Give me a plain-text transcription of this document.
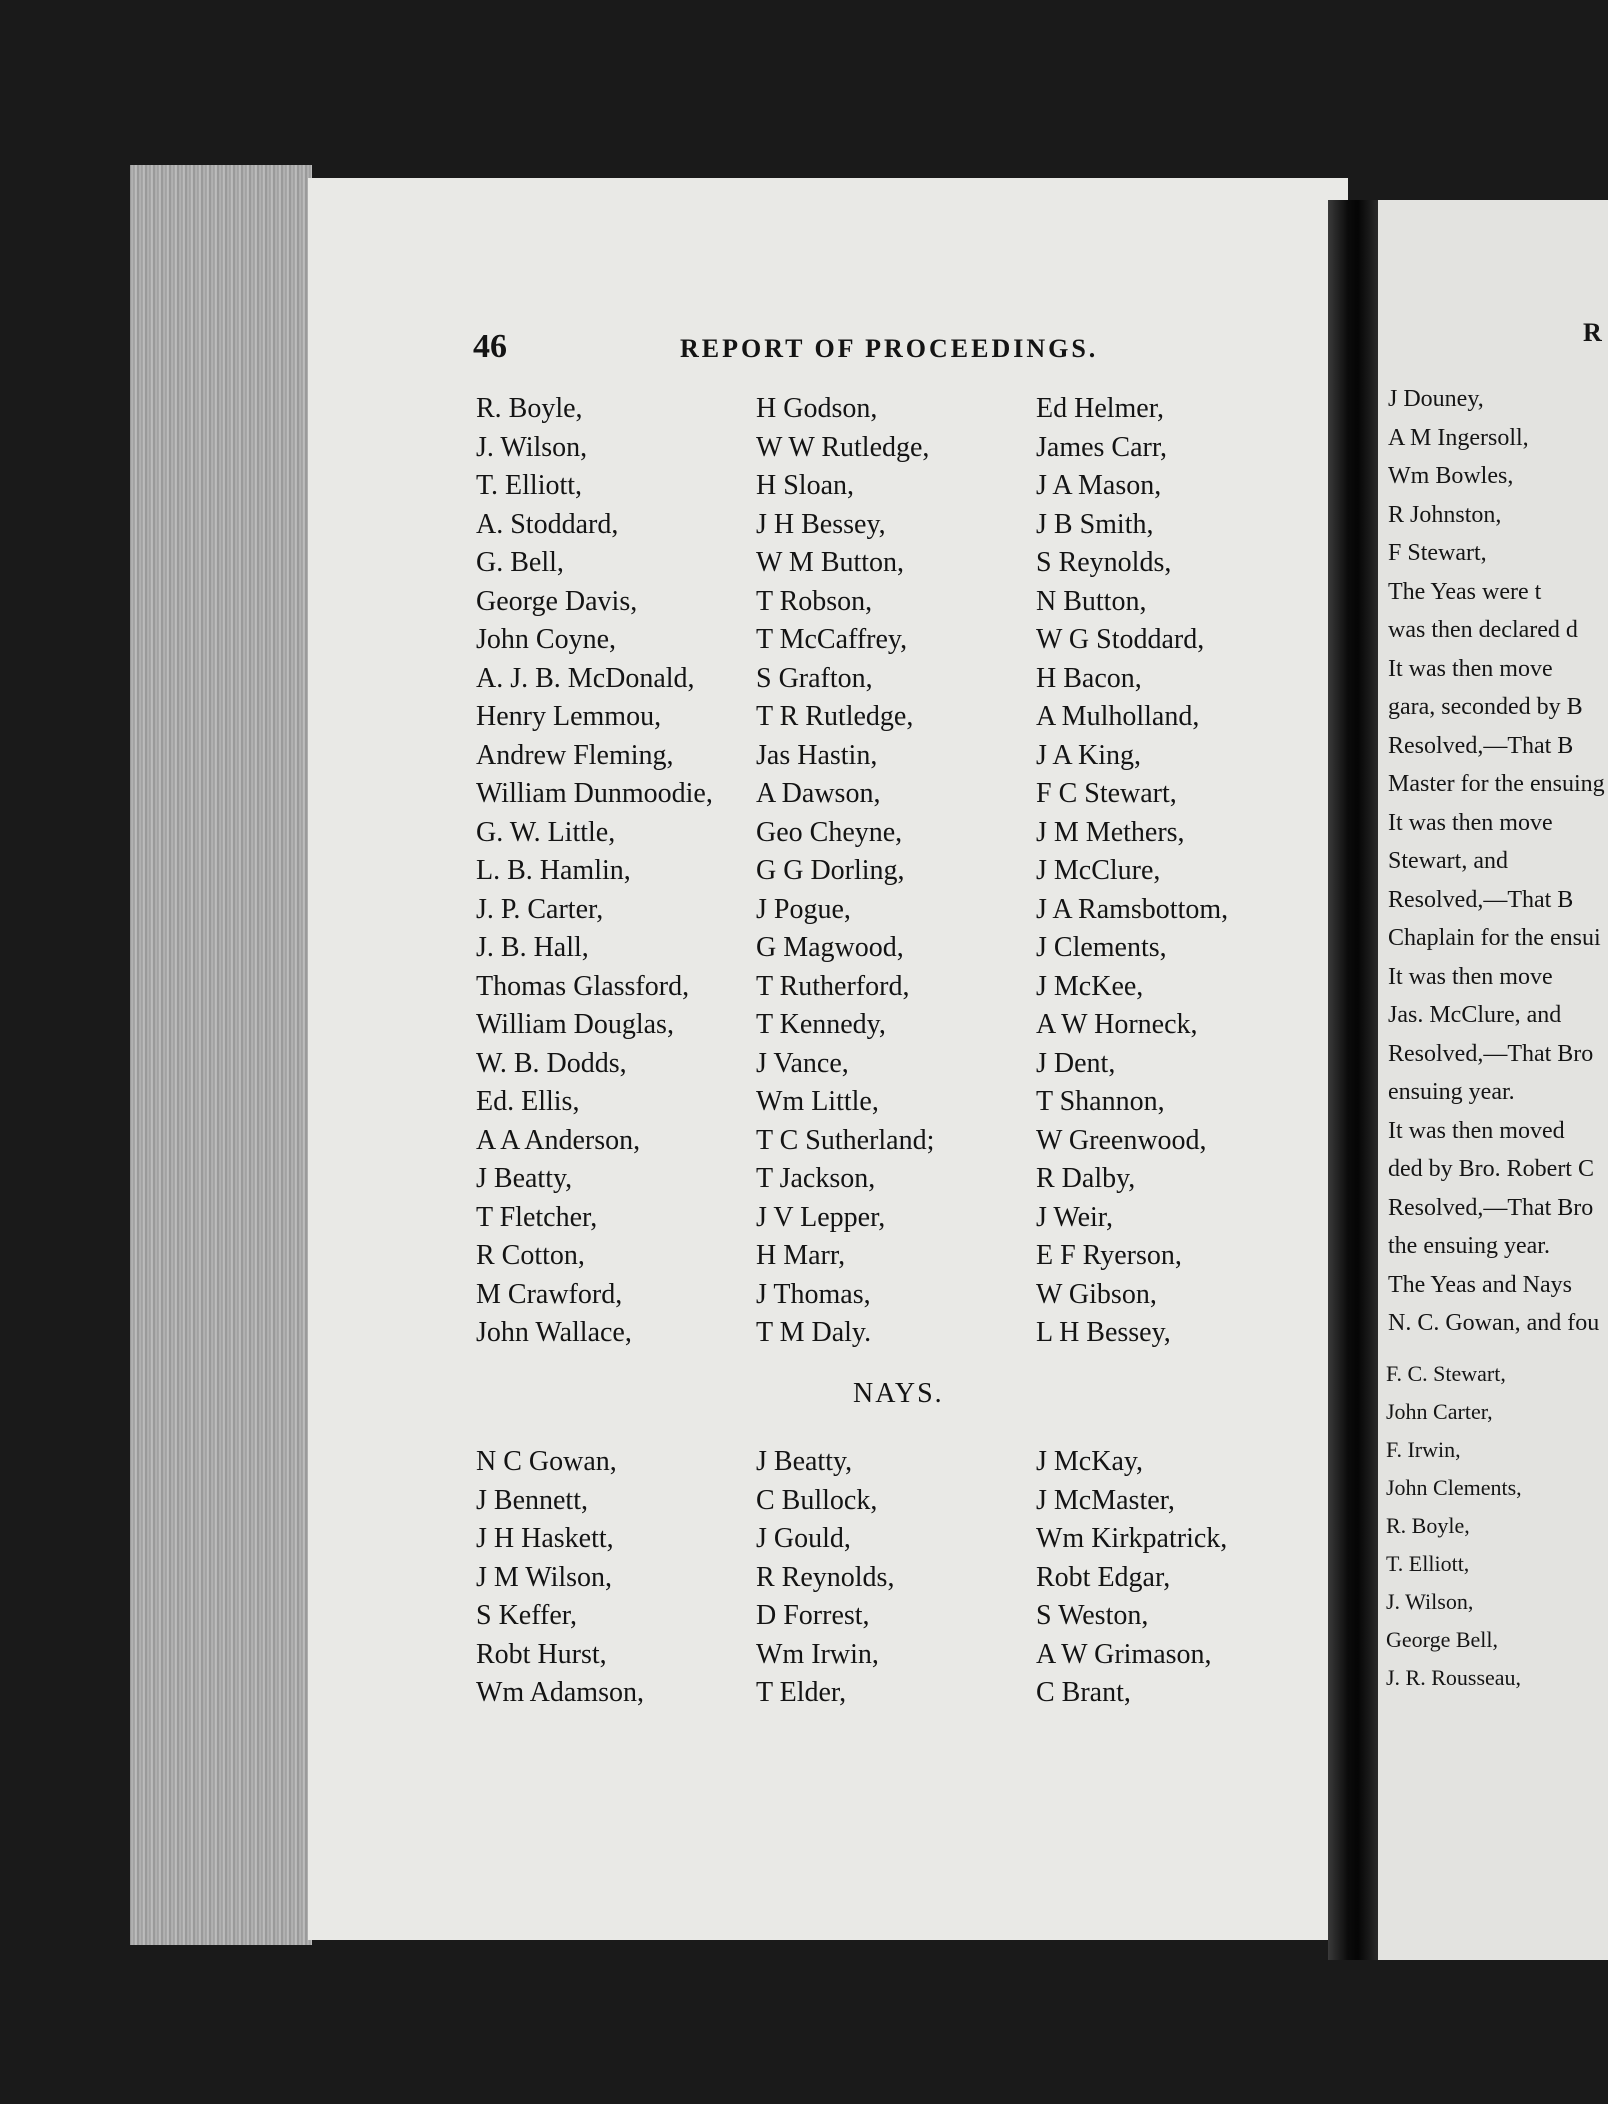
46	REPORT OF PROCEEDINGS.
R. Boyle,
J. Wilson,
T. Elliott,
A. Stoddard,
G. Bell,
George Davis,
John Coyne,
A. J. B. McDonald,
Henry Lemmou,
Andrew Fleming,
William Dunmoodie,
G. W. Little,
L. B. Hamlin,
J. P. Carter,
J. B. Hall,
Thomas Glassford,
William Douglas,
W. B. Dodds,
Ed. Ellis,
A A Anderson,
J Beatty,
T Fletcher,
R Cotton,
M Crawford,
John Wallace,
H Godson,
W W Rutledge,
H Sloan,
J H Bessey,
W M Button,
T Robson,
T McCaffrey,
S Grafton,
T R Rutledge,
Jas Hastin,
A Dawson,
Geo Cheyne,
G G Dorling,
J Pogue,
G Magwood,
T Rutherford,
T Kennedy,
J Vance,
Wm Little,
T C Sutherland;
T Jackson,
J V Lepper,
H Marr,
J Thomas,
T M Daly.
Ed Helmer,
James Carr,
J A Mason,
J B Smith,
S Reynolds,
N Button,
W G Stoddard,
H Bacon,
A Mulholland,
J A King,
F C Stewart,
J M Methers,
J McClure,
J A Ramsbottom,
J Clements,
J McKee,
A W Horneck,
J Dent,
T Shannon,
W Greenwood,
R Dalby,
J Weir,
E F Ryerson,
W Gibson,
L H Bessey,
NAYS.
N C Gowan,
J Bennett,
J H Haskett,
J M Wilson,
S Keffer,
Robt Hurst,
Wm Adamson,
J Beatty,
C Bullock,
J Gould,
R Reynolds,
D Forrest,
Wm Irwin,
T Elder,
J McKay,
J McMaster,
Wm Kirkpatrick,
Robt Edgar,
S Weston,
A W Grimason,
C Brant,
R
J Douney,
A M Ingersoll,
Wm Bowles,
R Johnston,
F Stewart,
The Yeas were t
was then declared d
It was then move
gara, seconded by B
Resolved,—That B
Master for the ensuing
It was then move
Stewart, and
Resolved,—That B
Chaplain for the ensui
It was then move
Jas. McClure, and
Resolved,—That Bro
ensuing year.
It was then moved
ded by Bro. Robert C
Resolved,—That Bro
the ensuing year.
The Yeas and Nays
N. C. Gowan, and fou
F. C. Stewart,
John Carter,
F. Irwin,
John Clements,
R. Boyle,
T. Elliott,
J. Wilson,
George Bell,
J. R. Rousseau,
